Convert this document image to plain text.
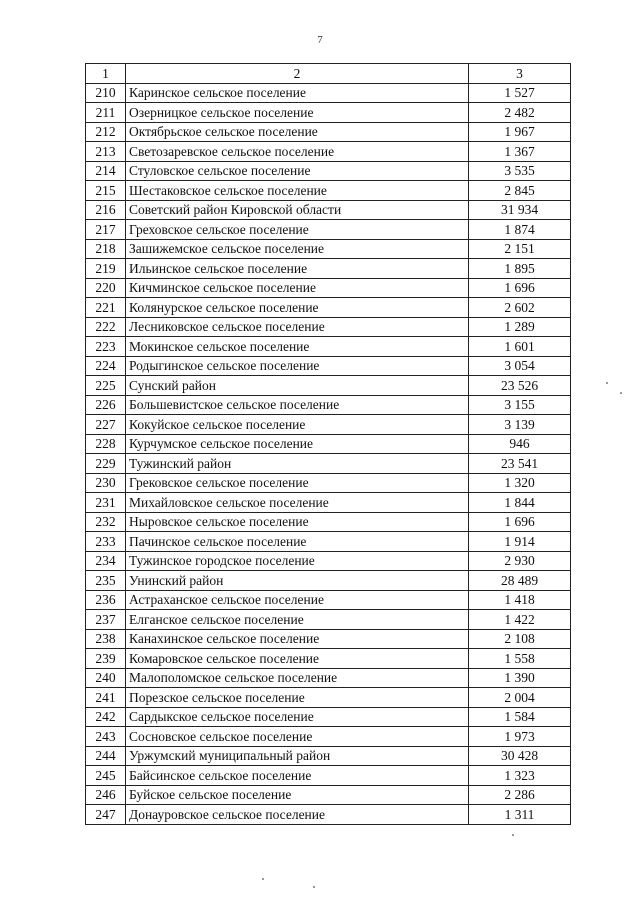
7
1	2	3
210	Каринское сельское поселение	1 527
211	Озерницкое сельское поселение	2 482
212	Октябрьское сельское поселение	1 967
213	Светозаревское сельское поселение	1 367
214	Стуловское сельское поселение	3 535
215	Шестаковское сельское поселение	2 845
216	Советский район Кировской области	31 934
217	Греховское сельское поселение	1 874
218	Зашижемское сельское поселение	2 151
219	Ильинское сельское поселение	1 895
220	Кичминское сельское поселение	1 696
221	Колянурское сельское поселение	2 602
222	Лесниковское сельское поселение	1 289
223	Мокинское сельское поселение	1 601
224	Родыгинское сельское поселение	3 054
225	Сунский район	23 526
226	Большевистское сельское поселение	3 155
227	Кокуйское сельское поселение	3 139
228	Курчумское сельское поселение	946
229	Тужинский район	23 541
230	Грековское сельское поселение	1 320
231	Михайловское сельское поселение	1 844
232	Ныровское сельское поселение	1 696
233	Пачинское сельское поселение	1 914
234	Тужинское городское поселение	2 930
235	Унинский район	28 489
236	Астраханское сельское поселение	1 418
237	Елганское сельское поселение	1 422
238	Канахинское сельское поселение	2 108
239	Комаровское сельское поселение	1 558
240	Малополомское сельское поселение	1 390
241	Порезское сельское поселение	2 004
242	Сардыкское сельское поселение	1 584
243	Сосновское сельское поселение	1 973
244	Уржумский муниципальный район	30 428
245	Байсинское сельское поселение	1 323
246	Буйское сельское поселение	2 286
247	Донауровское сельское поселение	1 311
